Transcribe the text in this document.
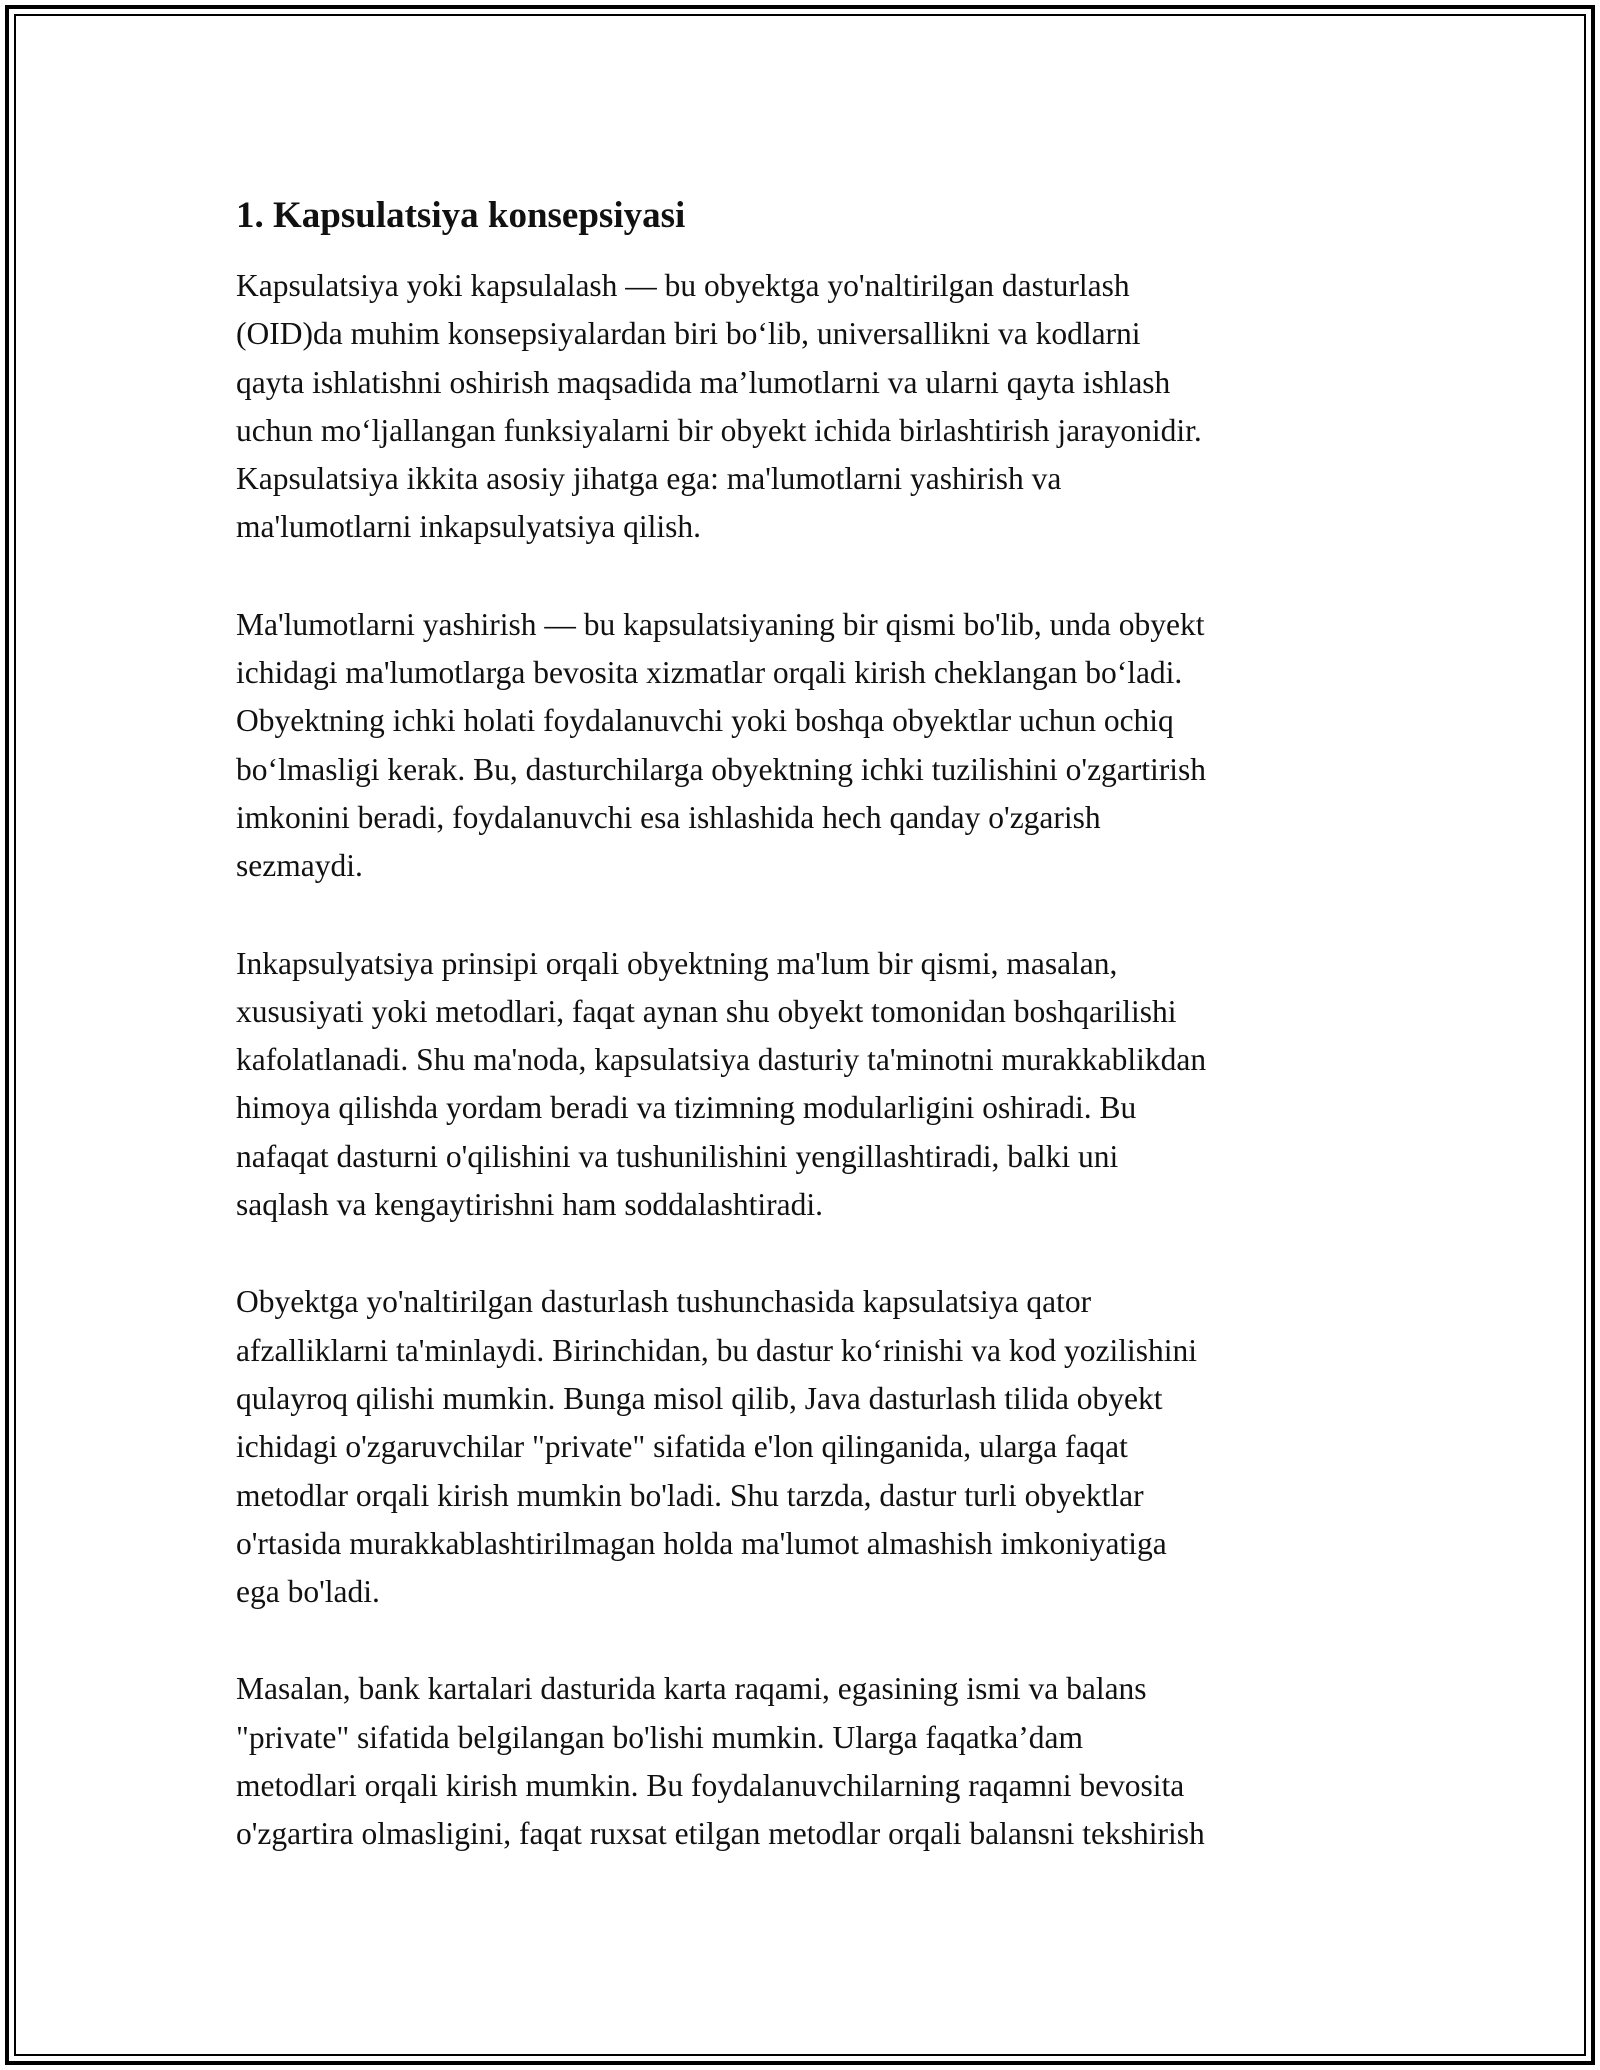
1. Kapsulatsiya konsepsiyasi

Kapsulatsiya yoki kapsulalash — bu obyektga yo'naltirilgan dasturlash
(OID)da muhim konsepsiyalardan biri bo‘lib, universallikni va kodlarni
qayta ishlatishni oshirish maqsadida ma’lumotlarni va ularni qayta ishlash
uchun mo‘ljallangan funksiyalarni bir obyekt ichida birlashtirish jarayonidir.
Kapsulatsiya ikkita asosiy jihatga ega: ma'lumotlarni yashirish va
ma'lumotlarni inkapsulyatsiya qilish.

Ma'lumotlarni yashirish — bu kapsulatsiyaning bir qismi bo'lib, unda obyekt
ichidagi ma'lumotlarga bevosita xizmatlar orqali kirish cheklangan bo‘ladi.
Obyektning ichki holati foydalanuvchi yoki boshqa obyektlar uchun ochiq
bo‘lmasligi kerak. Bu, dasturchilarga obyektning ichki tuzilishini o'zgartirish
imkonini beradi, foydalanuvchi esa ishlashida hech qanday o'zgarish
sezmaydi.

Inkapsulyatsiya prinsipi orqali obyektning ma'lum bir qismi, masalan,
xususiyati yoki metodlari, faqat aynan shu obyekt tomonidan boshqarilishi
kafolatlanadi. Shu ma'noda, kapsulatsiya dasturiy ta'minotni murakkablikdan
himoya qilishda yordam beradi va tizimning modularligini oshiradi. Bu
nafaqat dasturni o'qilishini va tushunilishini yengillashtiradi, balki uni
saqlash va kengaytirishni ham soddalashtiradi.

Obyektga yo'naltirilgan dasturlash tushunchasida kapsulatsiya qator
afzalliklarni ta'minlaydi. Birinchidan, bu dastur ko‘rinishi va kod yozilishini
qulayroq qilishi mumkin. Bunga misol qilib, Java dasturlash tilida obyekt
ichidagi o'zgaruvchilar "private" sifatida e'lon qilinganida, ularga faqat
metodlar orqali kirish mumkin bo'ladi. Shu tarzda, dastur turli obyektlar
o'rtasida murakkablashtirilmagan holda ma'lumot almashish imkoniyatiga
ega bo'ladi.

Masalan, bank kartalari dasturida karta raqami, egasining ismi va balans
"private" sifatida belgilangan bo'lishi mumkin. Ularga faqatka’dam
metodlari orqali kirish mumkin. Bu foydalanuvchilarning raqamni bevosita
o'zgartira olmasligini, faqat ruxsat etilgan metodlar orqali balansni tekshirish
